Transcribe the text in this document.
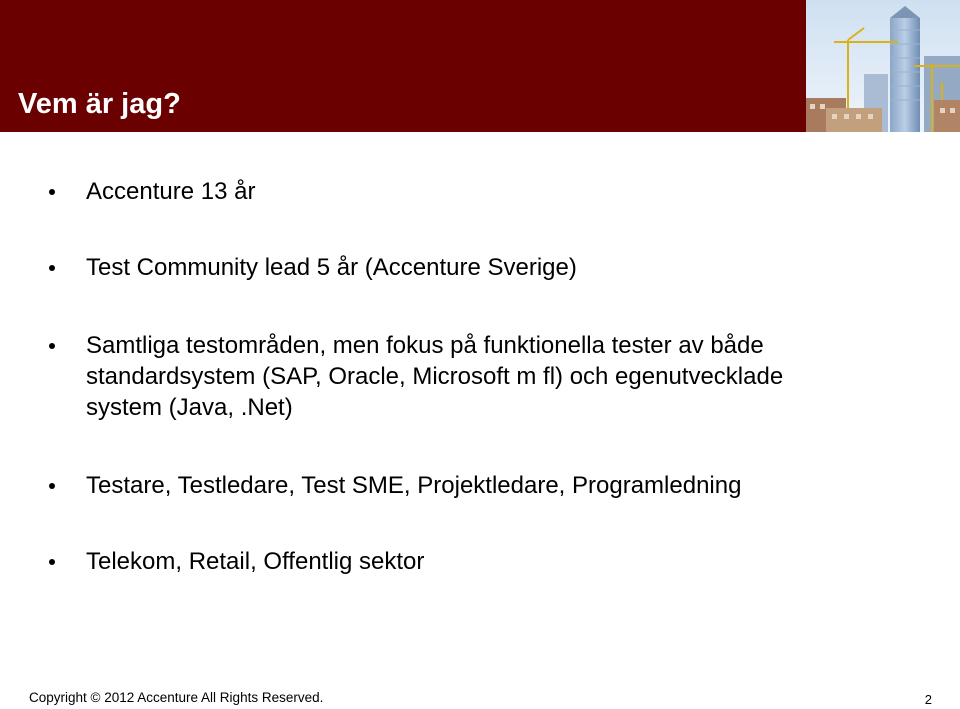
Vem är jag?
Accenture 13 år
Test Community lead 5 år (Accenture Sverige)
Samtliga testområden, men fokus på funktionella tester av både
standardsystem (SAP, Oracle, Microsoft m fl) och egenutvecklade
system (Java, .Net)
Testare, Testledare, Test SME, Projektledare, Programledning
Telekom, Retail, Offentlig sektor
Copyright © 2012 Accenture All Rights Reserved.	2
